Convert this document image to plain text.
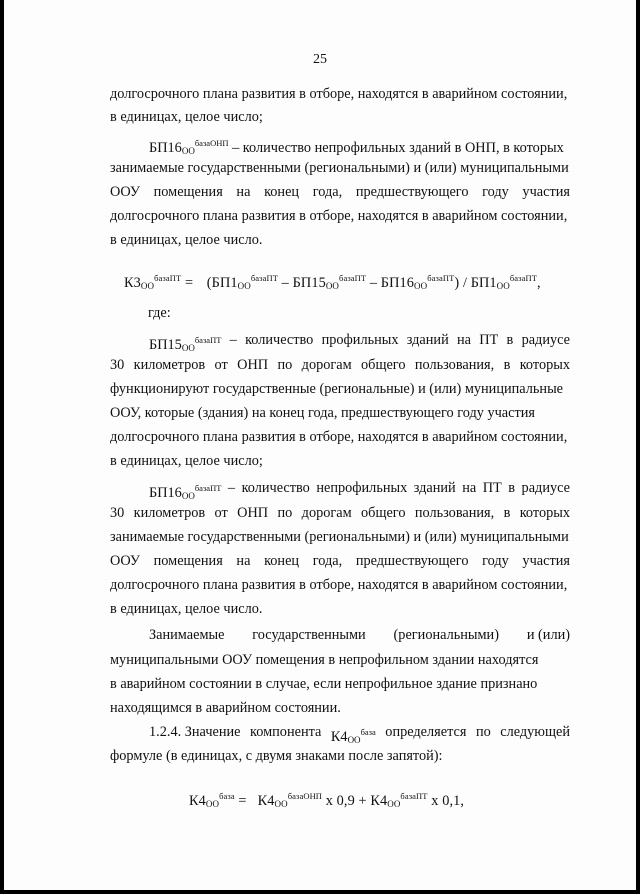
25
долгосрочного плана развития в отборе, находятся в аварийном состоянии,
в единицах, целое число;
$БП16_{ОО}^{базаОНП}$ – количество непрофильных зданий в ОНП, в которых
занимаемые государственными (региональными) и (или) муниципальными
ООУ помещения на конец года, предшествующего году участия
долгосрочного плана развития в отборе, находятся в аварийном состоянии,
в единицах, целое число.
$К3_{ОО}^{базаПТ} = (БП1_{ОО}^{базаПТ} - БП15_{ОО}^{базаПТ} - БП16_{ОО}^{базаПТ}) / БП1_{ОО}^{базаПТ}$,
где:
$БП15_{ОО}^{базаПТ}$ – количество профильных зданий на ПТ в радиусе
30 километров от ОНП по дорогам общего пользования, в которых
функционируют государственные (региональные) и (или) муниципальные
ООУ, которые (здания) на конец года, предшествующего году участия
долгосрочного плана развития в отборе, находятся в аварийном состоянии,
в единицах, целое число;
$БП16_{ОО}^{базаПТ}$ – количество непрофильных зданий на ПТ в радиусе
30 километров от ОНП по дорогам общего пользования, в которых
занимаемые государственными (региональными) и (или) муниципальными
ООУ помещения на конец года, предшествующего году участия
долгосрочного плана развития в отборе, находятся в аварийном состоянии,
в единицах, целое число.
Занимаемые государственными (региональными) и (или)
муниципальными ООУ помещения в непрофильном здании находятся
в аварийном состоянии в случае, если непрофильное здание признано
находящимся в аварийном состоянии.
1.2.4. Значение компонента $К4_{ОО}^{база}$ определяется по следующей
формуле (в единицах, с двумя знаками после запятой):
$К4_{ОО}^{база} = К4_{ОО}^{базаОНП}$ х $0,9 + К4_{ОО}^{базаПТ}$ х 0,1,
